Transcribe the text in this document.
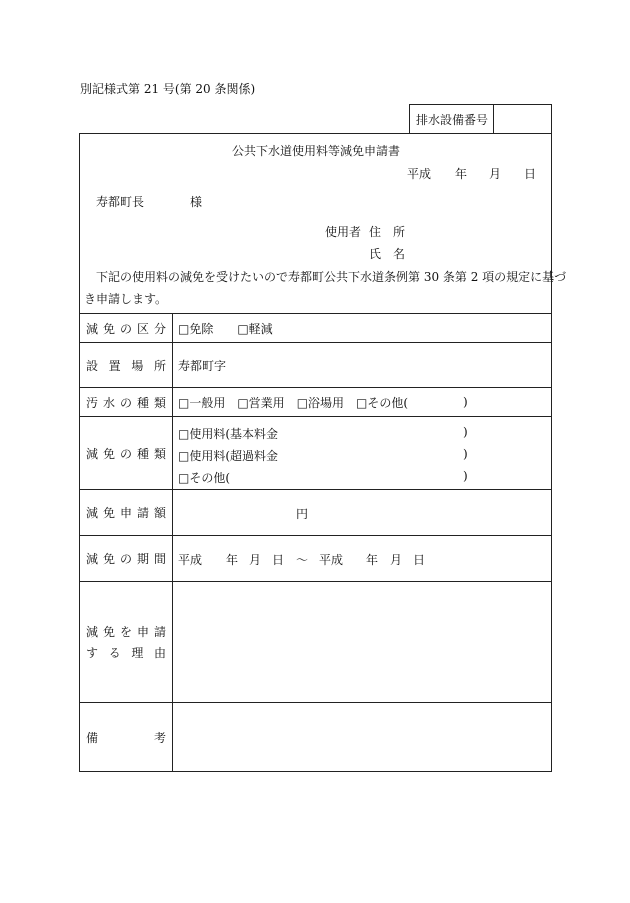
別記様式第 21 号(第 20 条関係)
排水設備番号
公共下水道使用料等減免申請書
平成 年 月 日
寿都町長	様
使用者 住　所
氏　名
下記の使用料の減免を受けたいので寿都町公共下水道条例第 30 条第 2 項の規定に基づ
き申請します。
減免の区分 □免除 □軽減
設置場所 寿都町字
汚水の種類 □一般用 □営業用 □浴場用 □その他(	)
減免の種類
□使用料(基本料金	)
□使用料(超過料金	)
□その他(	)
減免申請額	円
減免の期間 平成 年 月 日 ～ 平成 年 月 日
減免を申請
する理由
備考
